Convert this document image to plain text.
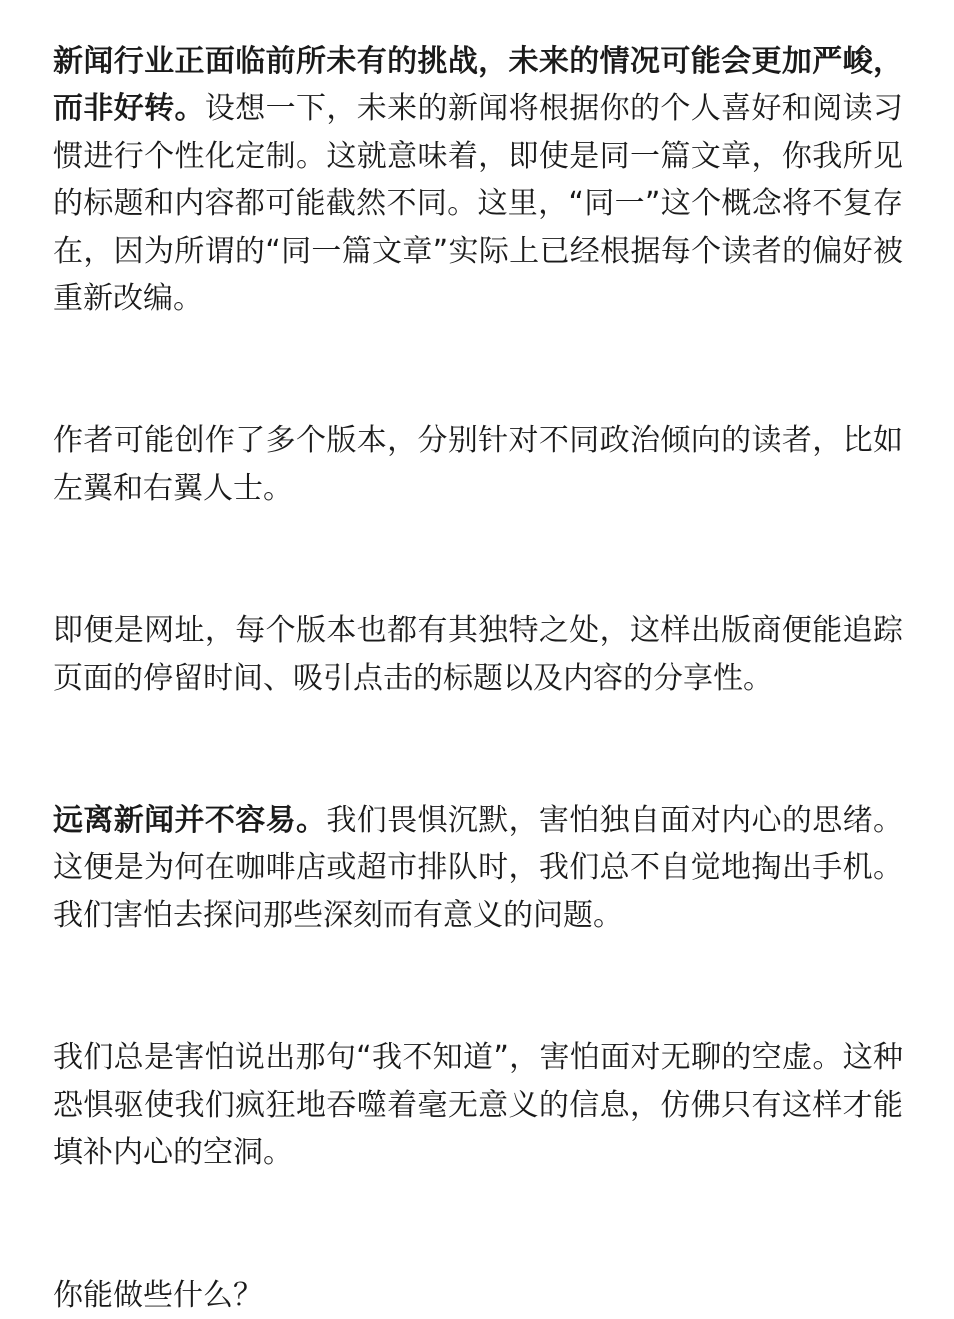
新闻行业正面临前所未有的挑战，未来的情况可能会更加严峻，而非好转。设想一下，未来的新闻将根据你的个人喜好和阅读习惯进行个性化定制。这就意味着，即使是同一篇文章，你我所见的标题和内容都可能截然不同。这里，“同一”这个概念将不复存在，因为所谓的“同一篇文章”实际上已经根据每个读者的偏好被重新改编。

作者可能创作了多个版本，分别针对不同政治倾向的读者，比如左翼和右翼人士。

即便是网址，每个版本也都有其独特之处，这样出版商便能追踪页面的停留时间、吸引点击的标题以及内容的分享性。

远离新闻并不容易。我们畏惧沉默，害怕独自面对内心的思绪。这便是为何在咖啡店或超市排队时，我们总不自觉地掏出手机。我们害怕去探问那些深刻而有意义的问题。

我们总是害怕说出那句“我不知道”，害怕面对无聊的空虚。这种恐惧驱使我们疯狂地吞噬着毫无意义的信息，仿佛只有这样才能填补内心的空洞。

你能做些什么？
